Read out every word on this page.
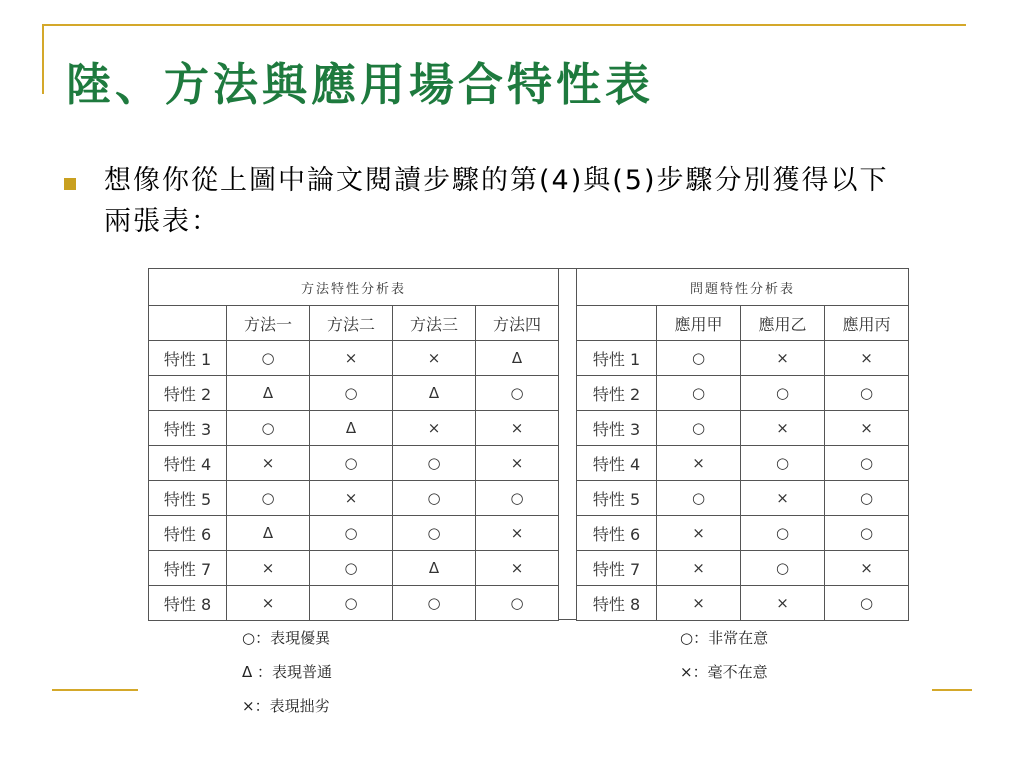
陸、方法與應用場合特性表

想像你從上圖中論文閱讀步驟的第(4)與(5)步驟分別獲得以下兩張表：

方法特性分析表				
	方法一	方法二	方法三	方法四
特性 1	○	×	×	Δ
特性 2	Δ	○	Δ	○
特性 3	○	Δ	×	×
特性 4	×	○	○	×
特性 5	○	×	○	○
特性 6	Δ	○	○	×
特性 7	×	○	Δ	×
特性 8	×	○	○	○
問題特性分析表			
	應用甲	應用乙	應用丙
特性 1	○	×	×
特性 2	○	○	○
特性 3	○	×	×
特性 4	×	○	○
特性 5	○	×	○
特性 6	×	○	○
特性 7	×	○	×
特性 8	×	×	○
○：表現優異
Δ ：表現普通
×：表現拙劣
○：非常在意
×：毫不在意
